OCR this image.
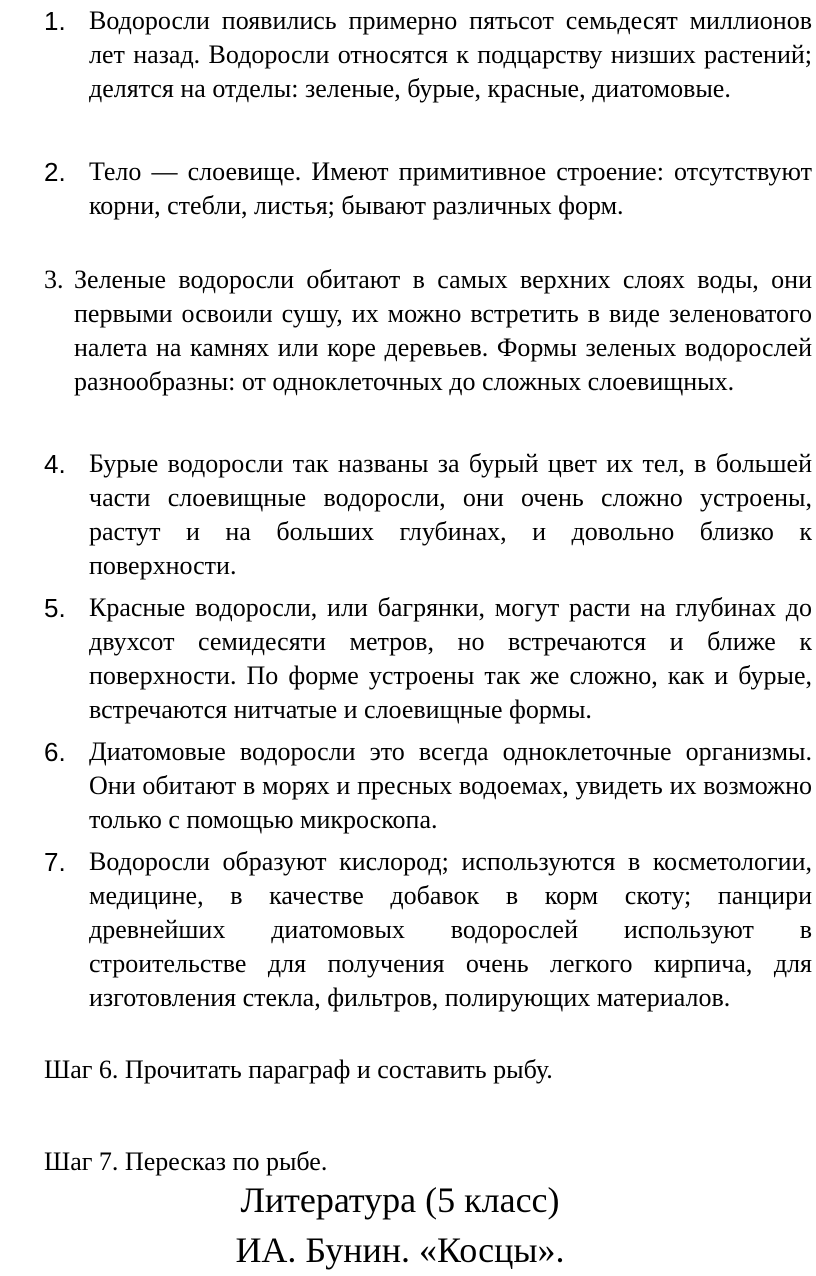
1. Водоросли появились примерно пятьсот семьдесят миллионов лет назад. Водоросли относятся к подцарству низших растений; делятся на отделы: зеленые, бурые, красные, диатомовые.
2. Тело — слоевище. Имеют примитивное строение: отсутствуют корни, стебли, листья; бывают различных форм.
3. Зеленые водоросли обитают в самых верхних слоях воды, они первыми освоили сушу, их можно встретить в виде зеленоватого налета на камнях или коре деревьев. Формы зеленых водорослей разнообразны: от одноклеточных до сложных слоевищных.
4. Бурые водоросли так названы за бурый цвет их тел, в большей части слоевищные водоросли, они очень сложно устроены, растут и на больших глубинах, и довольно близко к поверхности.
5. Красные водоросли, или багрянки, могут расти на глубинах до двухсот семидесяти метров, но встречаются и ближе к поверхности. По форме устроены так же сложно, как и бурые, встречаются нитчатые и слоевищные формы.
6. Диатомовые водоросли это всегда одноклеточные организмы. Они обитают в морях и пресных водоемах, увидеть их возможно только с помощью микроскопа.
7. Водоросли образуют кислород; используются в косметологии, медицине, в качестве добавок в корм скоту; панцири древнейших диатомовых водорослей используют в строительстве для получения очень легкого кирпича, для изготовления стекла, фильтров, полирующих материалов.
Шаг 6. Прочитать параграф и составить рыбу.
Шаг 7. Пересказ по рыбе.
Литература (5 класс)
ИА. Бунин. «Косцы».
